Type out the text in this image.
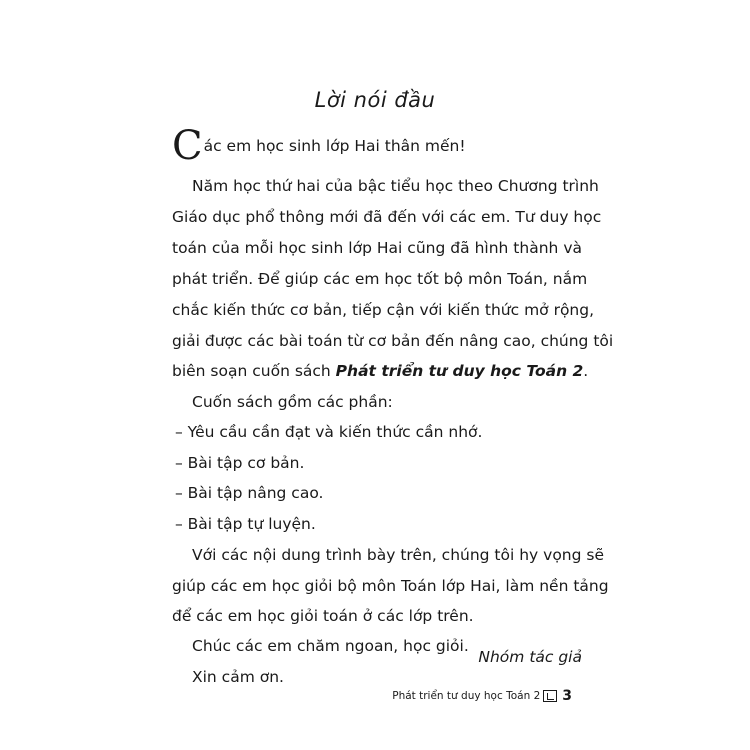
Lời nói đầu
Các em học sinh lớp Hai thân mến!
Năm học thứ hai của bậc tiểu học theo Chương trình
Giáo dục phổ thông mới đã đến với các em. Tư duy học
toán của mỗi học sinh lớp Hai cũng đã hình thành và
phát triển. Để giúp các em học tốt bộ môn Toán, nắm
chắc kiến thức cơ bản, tiếp cận với kiến thức mở rộng,
giải được các bài toán từ cơ bản đến nâng cao, chúng tôi
biên soạn cuốn sách Phát triển tư duy học Toán 2.
Cuốn sách gồm các phần:
– Yêu cầu cần đạt và kiến thức cần nhớ.
– Bài tập cơ bản.
– Bài tập nâng cao.
– Bài tập tự luyện.
Với các nội dung trình bày trên, chúng tôi hy vọng sẽ
giúp các em học giỏi bộ môn Toán lớp Hai, làm nền tảng
để các em học giỏi toán ở các lớp trên.
Chúc các em chăm ngoan, học giỏi.
Xin cảm ơn.
Nhóm tác giả
Phát triển tư duy học Toán 2 3
